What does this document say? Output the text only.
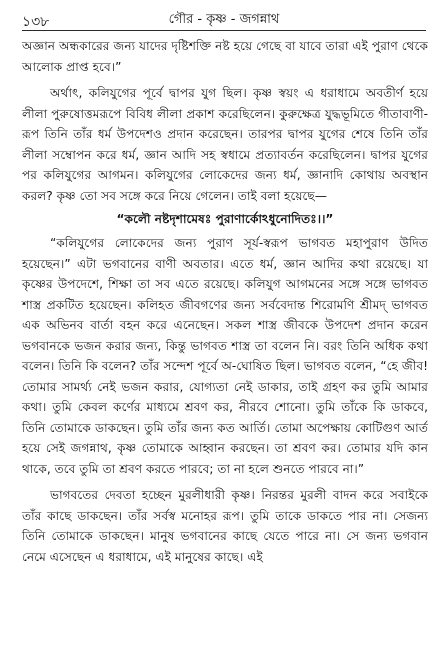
১৩৮	গৌর - কৃষ্ণ - জগন্নাথ

অজ্ঞান অন্ধকারের জন্য যাদের দৃষ্টিশক্তি নষ্ট হয়ে গেছে বা যাবে তারা এই পুরাণ থেকে আলোক প্রাপ্ত হবে।”

অর্থাৎ, কলিযুগের পূর্বে দ্বাপর যুগ ছিল। কৃষ্ণ স্বয়ং এ ধরাধামে অবতীর্ণ হয়ে লীলা পুরুষোত্তমরূপে বিবিধ লীলা প্রকাশ করেছিলেন। কুরুক্ষেত্র যুদ্ধভূমিতে গীতাবাণী-রূপ তিনি তাঁর ধর্ম উপদেশও প্রদান করেছেন। তারপর দ্বাপর যুগের শেষে তিনি তাঁর লীলা সম্বোপন করে ধর্ম, জ্ঞান আদি সহ স্বধামে প্রত্যাবর্তন করেছিলেন। দ্বাপর যুগের পর কলিযুগের আগমন। কলিযুগের লোকেদের জন্য ধর্ম, জ্ঞানাদি কোথায় অবস্থান করল? কৃষ্ণ তো সব সঙ্গে করে নিয়ে গেলেন। তাই বলা হয়েছে—

“কলৌ নষ্টদৃশামেষঃ পুরাণার্কোঽধুনোদিতঃ।।”

“কলিযুগের লোকেদের জন্য পুরাণ সূর্য-স্বরূপ ভাগবত মহাপুরাণ উদিত হয়েছেন।” এটা ভগবানের বাণী অবতার। এতে ধর্ম, জ্ঞান আদির কথা রয়েছে। যা কৃষ্ণের উপদেশে, শিক্ষা তা সব এতে রয়েছে। কলিযুগ আগমনের সঙ্গে সঙ্গে ভাগবত শাস্ত্র প্রকটিত হয়েছেন। কলিহত জীবগণের জন্য সর্ববেদান্ত শিরোমণি শ্রীমদ্ ভাগবত এক অভিনব বার্তা বহন করে এনেছেন। সকল শাস্ত্র জীবকে উপদেশ প্রদান করেন ভগবানকে ভজন করার জন্য, কিন্তু ভাগবত শাস্ত্র তা বলেন নি। বরং তিনি অধিক কথা বলেন। তিনি কি বলেন? তাঁর সন্দেশ পূর্বে অ-ঘোষিত ছিল। ভাগবত বলেন, “হে জীব! তোমার সামর্থ্য নেই ভজন করার, যোগ্যতা নেই ডাকার, তাই গ্রহণ কর তুমি আমার কথা। তুমি কেবল কর্ণের মাধ্যমে শ্রবণ কর, নীরবে শোনো। তুমি তাঁকে কি ডাকবে, তিনি তোমাকে ডাকছেন। তুমি তাঁর জন্য কত আর্তি। তোমা অপেক্ষায় কোটিগুণ আর্ত হয়ে সেই জগন্নাথ, কৃষ্ণ তোমাকে আহ্বান করছেন। তা শ্রবণ কর। তোমার যদি কান থাকে, তবে তুমি তা শ্রবণ করতে পারবে; তা না হলে শুনতে পারবে না।”

ভাগবতের দেবতা হচ্ছেন মুরলীধারী কৃষ্ণ। নিরন্তর মুরলী বাদন করে সবাইকে তাঁর কাছে ডাকছেন। তাঁর সর্বস্ব মনোহর রূপ। তুমি তাকে ডাকতে পার না। সেজন্য তিনি তোমাকে ডাকছেন। মানুষ ভগবানের কাছে যেতে পারে না। সে জন্য ভগবান নেমে এসেছেন এ ধরাধামে, এই মানুষের কাছে। এই
